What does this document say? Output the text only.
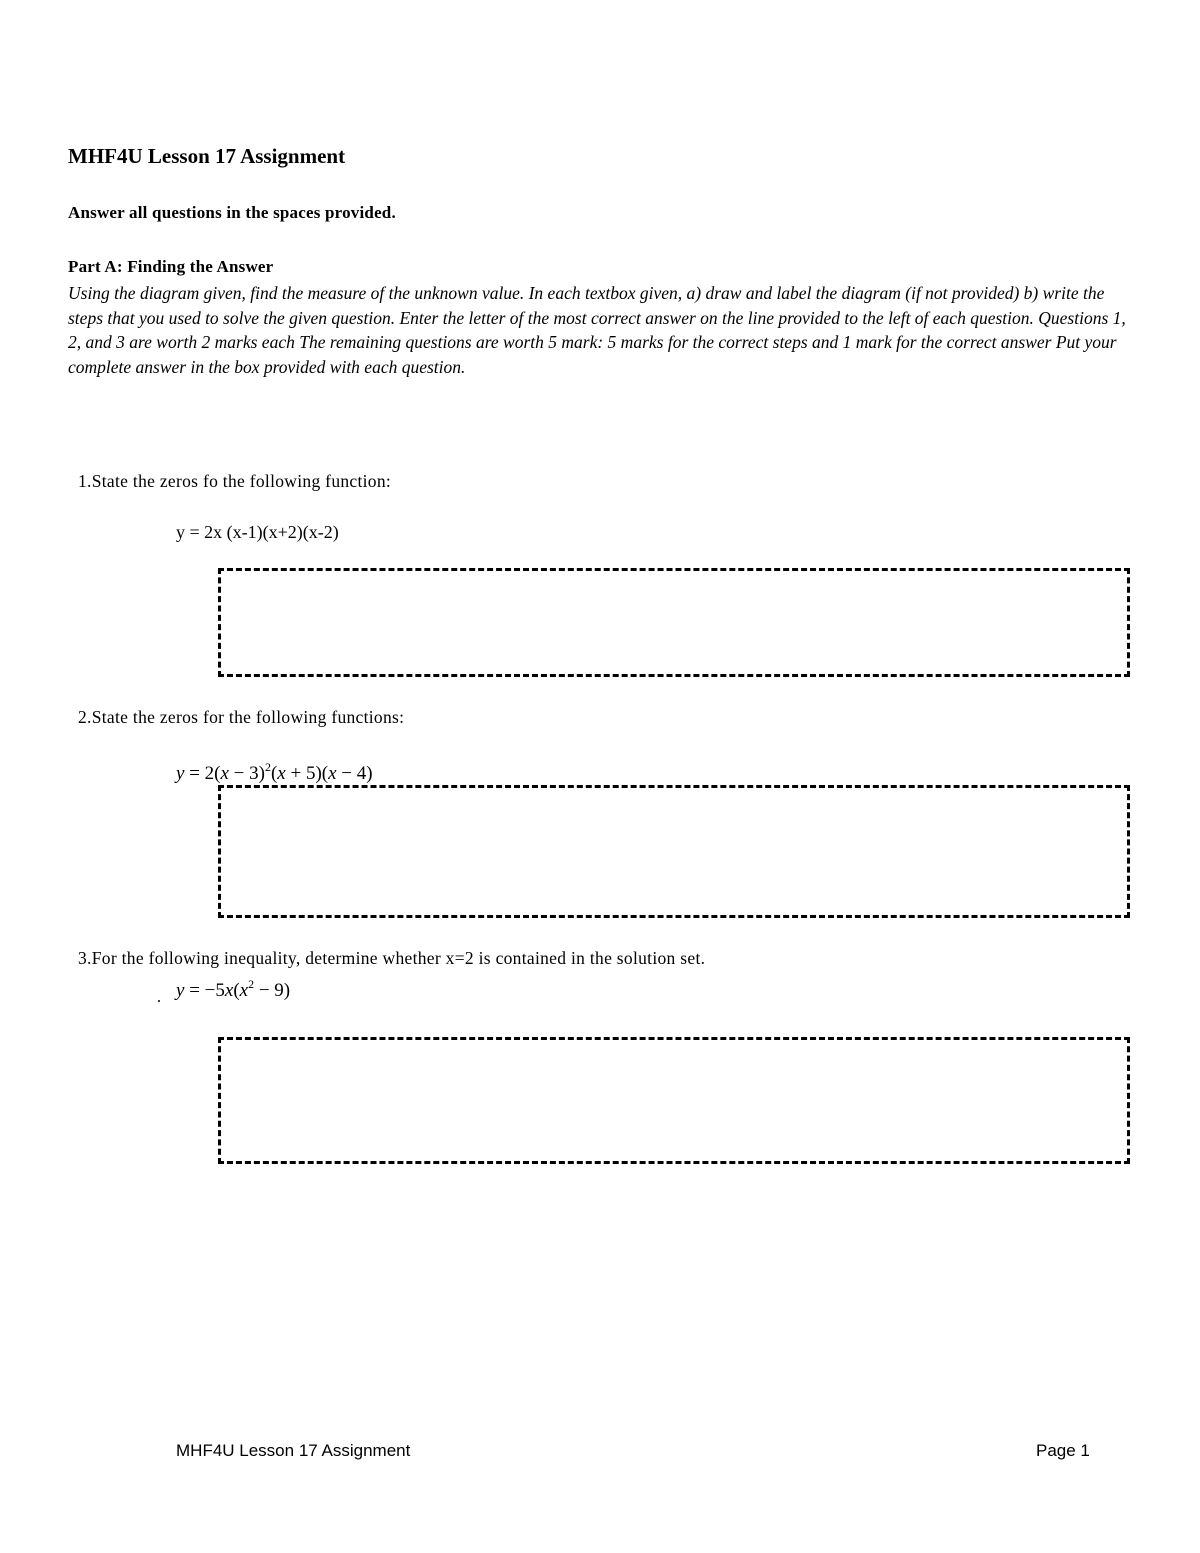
MHF4U Lesson 17 Assignment
Answer all questions in the spaces provided.
Part A: Finding the Answer
Using the diagram given, find the measure of the unknown value. In each textbox given, a) draw and label the diagram (if not provided) b) write the steps that you used to solve the given question. Enter the letter of the most correct answer on the line provided to the left of each question. Questions 1, 2, and 3 are worth 2 marks each The remaining questions are worth 5 mark: 5 marks for the correct steps and 1 mark for the correct answer Put your complete answer in the box provided with each question.
1.State the zeros fo the following function:
y = 2x (x-1)(x+2)(x-2)
2.State the zeros for the following functions:
$y = 2(x - 3)^2(x + 5)(x - 4)$
3.For the following inequality, determine whether x=2 is contained in the solution set.
$y = -5x(x^2 - 9)$
MHF4U Lesson 17 Assignment	Page 1
